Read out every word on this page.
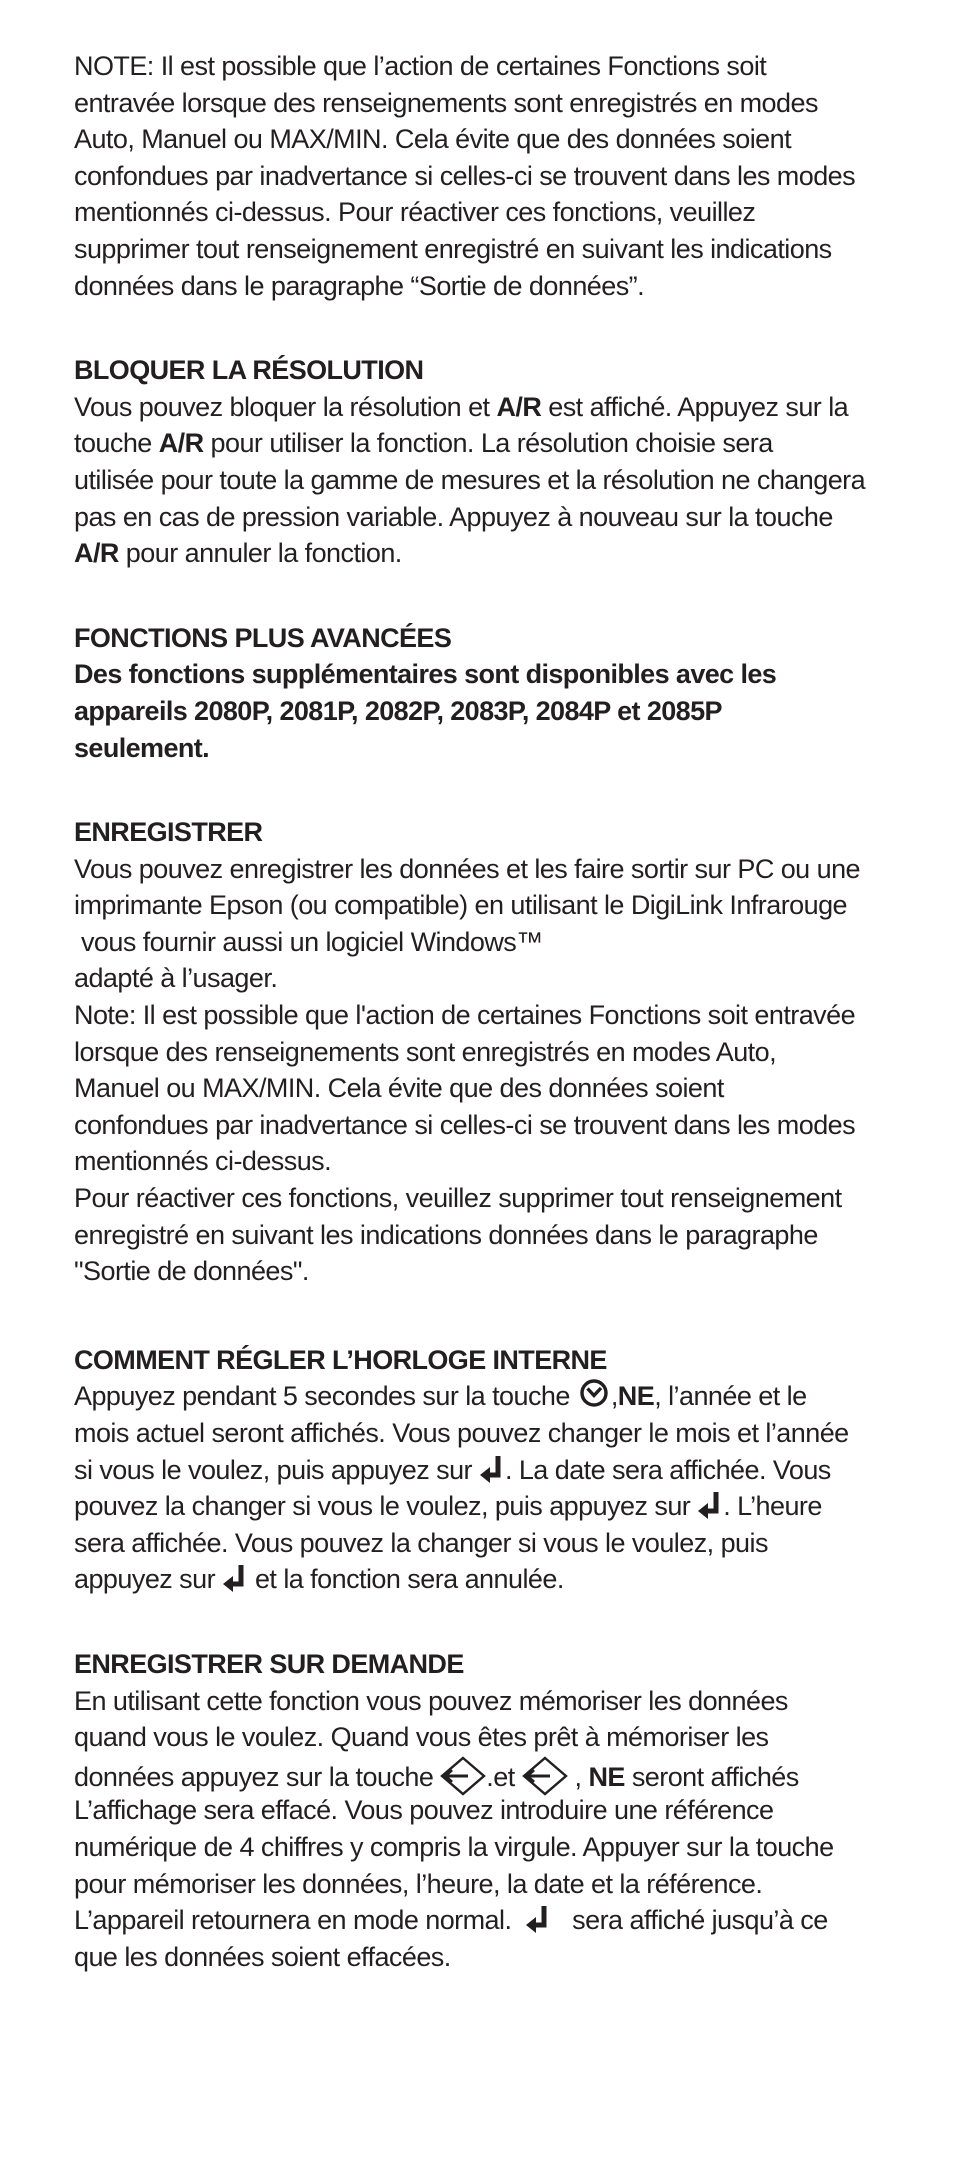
NOTE: Il est possible que l’action de certaines Fonctions soit
entravée lorsque des renseignements sont enregistrés en modes
Auto, Manuel ou MAX/MIN. Cela évite que des données soient
confondues par inadvertance si celles-ci se trouvent dans les modes
mentionnés ci-dessus. Pour réactiver ces fonctions, veuillez
supprimer tout renseignement enregistré en suivant les indications
données dans le paragraphe “Sortie de données”.
BLOQUER LA RÉSOLUTION
Vous pouvez bloquer la résolution et A/R est affiché. Appuyez sur la
touche A/R pour utiliser la fonction. La résolution choisie sera
utilisée pour toute la gamme de mesures et la résolution ne changera
pas en cas de pression variable. Appuyez à nouveau sur la touche
A/R pour annuler la fonction.
FONCTIONS PLUS AVANCÉES
Des fonctions supplémentaires sont disponibles avec les
appareils 2080P, 2081P, 2082P, 2083P, 2084P et 2085P
seulement.
ENREGISTRER
Vous pouvez enregistrer les données et les faire sortir sur PC ou une
imprimante Epson (ou compatible) en utilisant le DigiLink Infrarouge
vous fournir aussi un logiciel Windows™
adapté à l’usager.
Note: Il est possible que l'action de certaines Fonctions soit entravée
lorsque des renseignements sont enregistrés en modes Auto,
Manuel ou MAX/MIN. Cela évite que des données soient
confondues par inadvertance si celles-ci se trouvent dans les modes
mentionnés ci-dessus.
Pour réactiver ces fonctions, veuillez supprimer tout renseignement
enregistré en suivant les indications données dans le paragraphe
"Sortie de données".
COMMENT RÉGLER L’HORLOGE INTERNE
Appuyez pendant 5 secondes sur la touche
,NE, l’année et le
mois actuel seront affichés. Vous pouvez changer le mois et l’année
si vous le voulez, puis appuyez sur
. La date sera affichée. Vous
pouvez la changer si vous le voulez, puis appuyez sur
. L’heure
sera affichée. Vous pouvez la changer si vous le voulez, puis
appuyez sur
et la fonction sera annulée.
ENREGISTRER SUR DEMANDE
En utilisant cette fonction vous pouvez mémoriser les données
quand vous le voulez. Quand vous êtes prêt à mémoriser les
données appuyez sur la touche
.et
, NE seront affichés
L’affichage sera effacé. Vous pouvez introduire une référence
numérique de 4 chiffres y compris la virgule. Appuyer sur la touche
pour mémoriser les données, l’heure, la date et la référence.
L’appareil retournera en mode normal.
sera affiché jusqu’à ce
que les données soient effacées.
